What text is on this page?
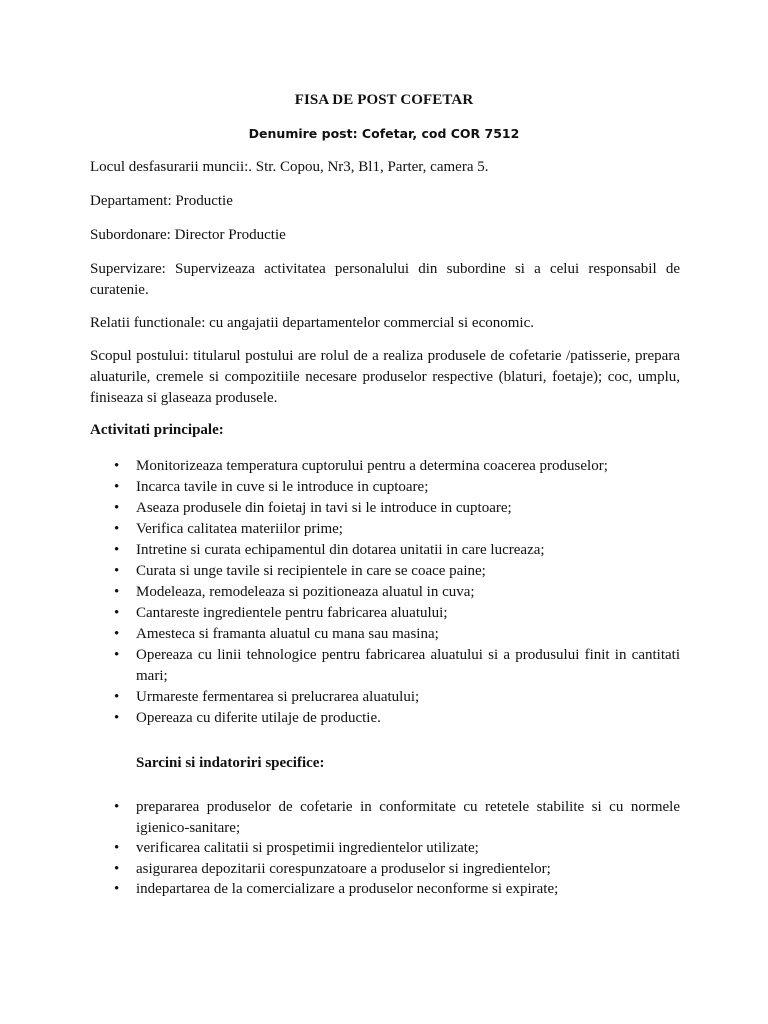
FISA DE POST COFETAR
Denumire post: Cofetar, cod COR 7512

Locul desfasurarii muncii:. Str. Copou, Nr3, Bl1, Parter, camera 5.

Departament: Productie

Subordonare: Director Productie

Supervizare: Supervizeaza activitatea personalului din subordine si a celui responsabil de curatenie.

Relatii functionale: cu angajatii departamentelor commercial si economic.

Scopul postului: titularul postului are rolul de a realiza produsele de cofetarie /patisserie, prepara aluaturile, cremele si compozitiile necesare produselor respective (blaturi, foetaje); coc, umplu, finiseaza si glaseaza produsele.

Activitati principale:

• Monitorizeaza temperatura cuptorului pentru a determina coacerea produselor;
• Incarca tavile in cuve si le introduce in cuptoare;
• Aseaza produsele din foietaj in tavi si le introduce in cuptoare;
• Verifica calitatea materiilor prime;
• Intretine si curata echipamentul din dotarea unitatii in care lucreaza;
• Curata si unge tavile si recipientele in care se coace paine;
• Modeleaza, remodeleaza si pozitioneaza aluatul in cuva;
• Cantareste ingredientele pentru fabricarea aluatului;
• Amesteca si framanta aluatul cu mana sau masina;
• Opereaza cu linii tehnologice pentru fabricarea aluatului si a produsului finit in cantitati mari;
• Urmareste fermentarea si prelucrarea aluatului;
• Opereaza cu diferite utilaje de productie.

Sarcini si indatoriri specifice:

• prepararea produselor de cofetarie in conformitate cu retetele stabilite si cu normele igienico-sanitare;
• verificarea calitatii si prospetimii ingredientelor utilizate;
• asigurarea depozitarii corespunzatoare a produselor si ingredientelor;
• indepartarea de la comercializare a produselor neconforme si expirate;
